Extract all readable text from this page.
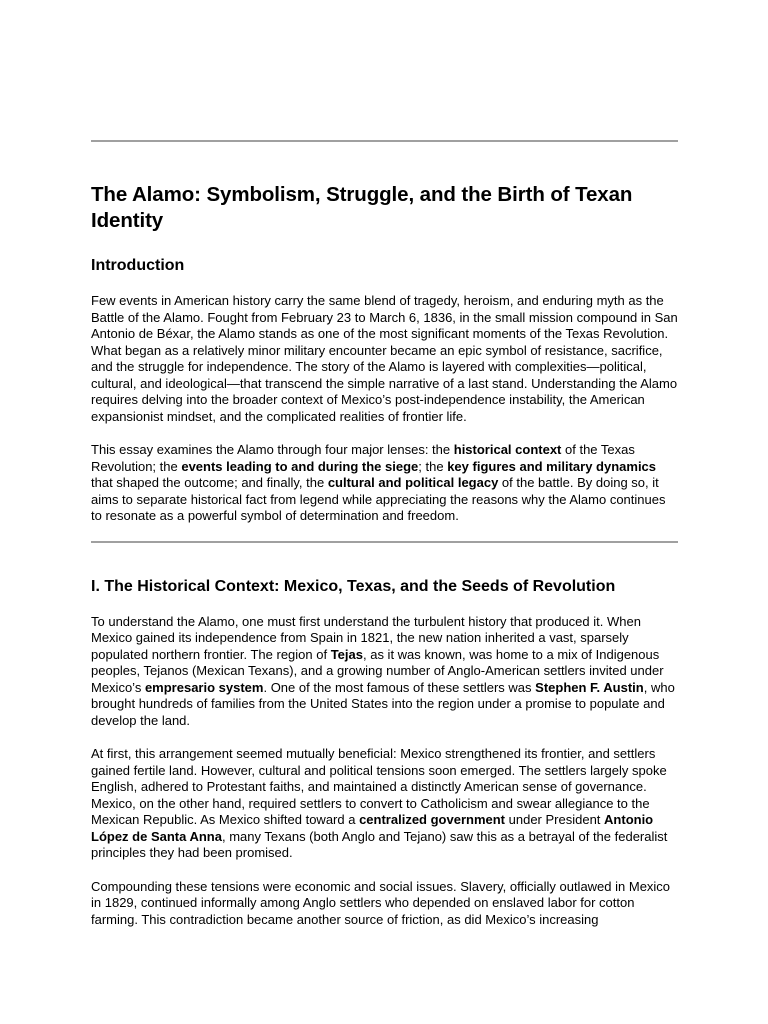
The Alamo: Symbolism, Struggle, and the Birth of Texan Identity
Introduction

Few events in American history carry the same blend of tragedy, heroism, and enduring myth as the Battle of the Alamo. Fought from February 23 to March 6, 1836, in the small mission compound in San Antonio de Béxar, the Alamo stands as one of the most significant moments of the Texas Revolution. What began as a relatively minor military encounter became an epic symbol of resistance, sacrifice, and the struggle for independence. The story of the Alamo is layered with complexities—political, cultural, and ideological—that transcend the simple narrative of a last stand. Understanding the Alamo requires delving into the broader context of Mexico’s post-independence instability, the American expansionist mindset, and the complicated realities of frontier life.

This essay examines the Alamo through four major lenses: the historical context of the Texas Revolution; the events leading to and during the siege; the key figures and military dynamics that shaped the outcome; and finally, the cultural and political legacy of the battle. By doing so, it aims to separate historical fact from legend while appreciating the reasons why the Alamo continues to resonate as a powerful symbol of determination and freedom.

I. The Historical Context: Mexico, Texas, and the Seeds of Revolution

To understand the Alamo, one must first understand the turbulent history that produced it. When Mexico gained its independence from Spain in 1821, the new nation inherited a vast, sparsely populated northern frontier. The region of Tejas, as it was known, was home to a mix of Indigenous peoples, Tejanos (Mexican Texans), and a growing number of Anglo-American settlers invited under Mexico’s empresario system. One of the most famous of these settlers was Stephen F. Austin, who brought hundreds of families from the United States into the region under a promise to populate and develop the land.

At first, this arrangement seemed mutually beneficial: Mexico strengthened its frontier, and settlers gained fertile land. However, cultural and political tensions soon emerged. The settlers largely spoke English, adhered to Protestant faiths, and maintained a distinctly American sense of governance. Mexico, on the other hand, required settlers to convert to Catholicism and swear allegiance to the Mexican Republic. As Mexico shifted toward a centralized government under President Antonio López de Santa Anna, many Texans (both Anglo and Tejano) saw this as a betrayal of the federalist principles they had been promised.

Compounding these tensions were economic and social issues. Slavery, officially outlawed in Mexico in 1829, continued informally among Anglo settlers who depended on enslaved labor for cotton farming. This contradiction became another source of friction, as did Mexico’s increasing
